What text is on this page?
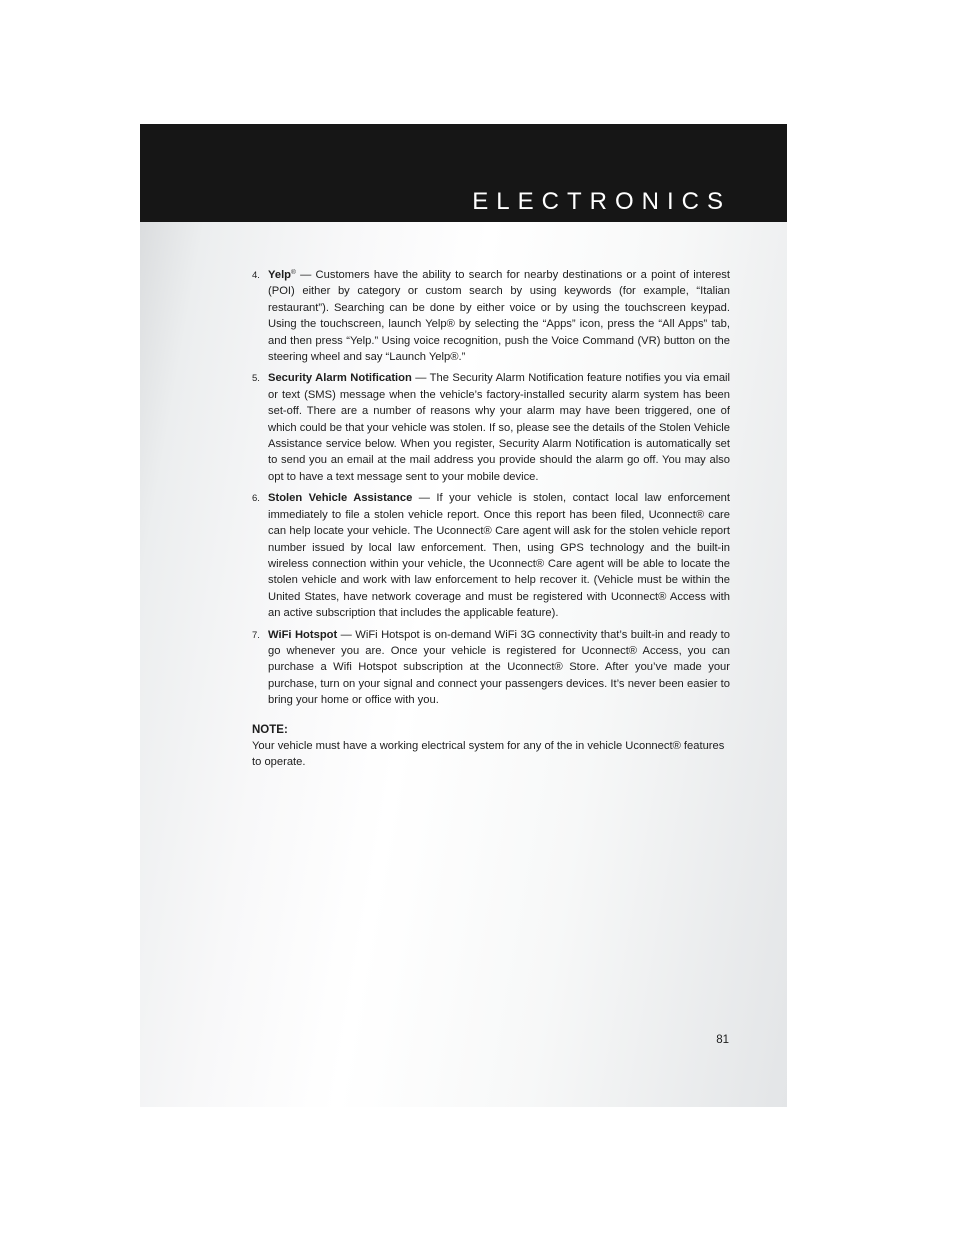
ELECTRONICS
4. Yelp® — Customers have the ability to search for nearby destinations or a point of interest (POI) either by category or custom search by using keywords (for example, “Italian restaurant”). Searching can be done by either voice or by using the touchscreen keypad. Using the touchscreen, launch Yelp® by selecting the “Apps” icon, press the “All Apps” tab, and then press “Yelp.” Using voice recognition, push the Voice Command (VR) button on the steering wheel and say “Launch Yelp®.”
5. Security Alarm Notification — The Security Alarm Notification feature notifies you via email or text (SMS) message when the vehicle’s factory-installed security alarm system has been set-off. There are a number of reasons why your alarm may have been triggered, one of which could be that your vehicle was stolen. If so, please see the details of the Stolen Vehicle Assistance service below. When you register, Security Alarm Notification is automatically set to send you an email at the mail address you provide should the alarm go off. You may also opt to have a text message sent to your mobile device.
6. Stolen Vehicle Assistance — If your vehicle is stolen, contact local law enforcement immediately to file a stolen vehicle report. Once this report has been filed, Uconnect® care can help locate your vehicle. The Uconnect® Care agent will ask for the stolen vehicle report number issued by local law enforcement. Then, using GPS technology and the built-in wireless connection within your vehicle, the Uconnect® Care agent will be able to locate the stolen vehicle and work with law enforcement to help recover it. (Vehicle must be within the United States, have network coverage and must be registered with Uconnect® Access with an active subscription that includes the applicable feature).
7. WiFi Hotspot — WiFi Hotspot is on-demand WiFi 3G connectivity that’s built-in and ready to go whenever you are. Once your vehicle is registered for Uconnect® Access, you can purchase a Wifi Hotspot subscription at the Uconnect® Store. After you’ve made your purchase, turn on your signal and connect your passengers devices. It’s never been easier to bring your home or office with you.
NOTE:
Your vehicle must have a working electrical system for any of the in vehicle Uconnect® features to operate.
81
